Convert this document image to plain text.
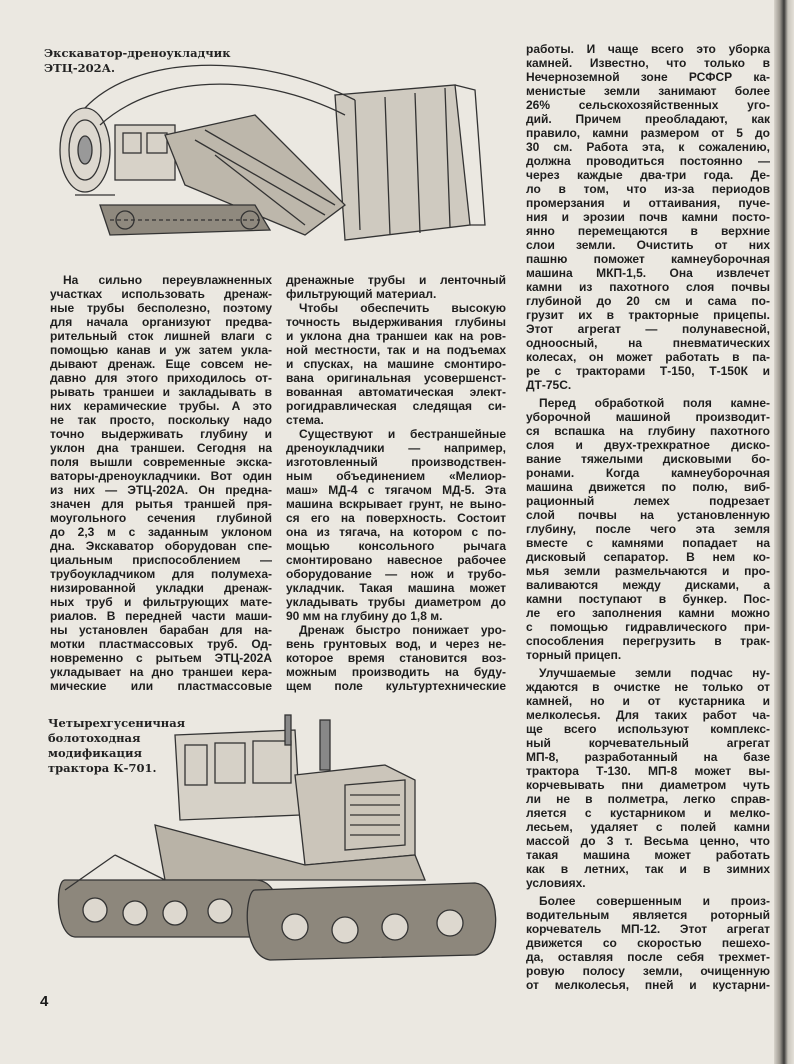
Экскаватор-дреноукладчик
ЭТЦ-202А.
На сильно переувлажненных
участках использовать дренаж-
ные трубы бесполезно, поэтому
для начала организуют предва-
рительный сток лишней влаги с
помощью канав и уж затем укла-
дывают дренаж. Еще совсем не-
давно для этого приходилось от-
рывать траншеи и закладывать в
них керамические трубы. А это
не так просто, поскольку надо
точно выдерживать глубину и
уклон дна траншеи. Сегодня на
поля вышли современные экска-
ваторы-дреноукладчики. Вот один
из них — ЭТЦ-202А. Он предна-
значен для рытья траншей пря-
моугольного сечения глубиной
до 2,3 м с заданным уклоном
дна. Экскаватор оборудован спе-
циальным приспособлением —
трубоукладчиком для полумеха-
низированной укладки дренаж-
ных труб и фильтрующих мате-
риалов. В передней части маши-
ны установлен барабан для на-
мотки пластмассовых труб. Од-
новременно с рытьем ЭТЦ-202А
укладывает на дно траншеи кера-
мические или пластмассовые
дренажные трубы и ленточный
фильтрующий материал.
Чтобы обеспечить высокую
точность выдерживания глубины
и уклона дна траншеи как на ров-
ной местности, так и на подъемах
и спусках, на машине смонтиро-
вана оригинальная усовершенст-
вованная автоматическая элект-
рогидравлическая следящая си-
стема.
Существуют и бестраншейные
дреноукладчики — например,
изготовленный производствен-
ным объединением «Мелиор-
маш» МД-4 с тягачом МД-5. Эта
машина вскрывает грунт, не выно-
ся его на поверхность. Состоит
она из тягача, на котором с по-
мощью консольного рычага
смонтировано навесное рабочее
оборудование — нож и трубо-
укладчик. Такая машина может
укладывать трубы диаметром до
90 мм на глубину до 1,8 м.
Дренаж быстро понижает уро-
вень грунтовых вод, и через не-
которое время становится воз-
можным производить на буду-
щем поле культуртехнические
работы. И чаще всего это уборка
камней. Известно, что только в
Нечерноземной зоне РСФСР ка-
менистые земли занимают более
26% сельскохозяйственных уго-
дий. Причем преобладают, как
правило, камни размером от 5 до
30 см. Работа эта, к сожалению,
должна проводиться постоянно —
через каждые два-три года. Де-
ло в том, что из-за периодов
промерзания и оттаивания, пуче-
ния и эрозии почв камни посто-
янно перемещаются в верхние
слои земли. Очистить от них
пашню поможет камнеуборочная
машина МКП-1,5. Она извлечет
камни из пахотного слоя почвы
глубиной до 20 см и сама по-
грузит их в тракторные прицепы.
Этот агрегат — полунавесной,
одноосный, на пневматических
колесах, он может работать в па-
ре с тракторами Т-150, Т-150К и
ДТ-75С.
Перед обработкой поля камне-
уборочной машиной производит-
ся вспашка на глубину пахотного
слоя и двух-трехкратное диско-
вание тяжелыми дисковыми бо-
ронами. Когда камнеуборочная
машина движется по полю, виб-
рационный лемех подрезает
слой почвы на установленную
глубину, после чего эта земля
вместе с камнями попадает на
дисковый сепаратор. В нем ко-
мья земли размельчаются и про-
валиваются между дисками, а
камни поступают в бункер. Пос-
ле его заполнения камни можно
с помощью гидравлического при-
способления перегрузить в трак-
торный прицеп.
Улучшаемые земли подчас ну-
ждаются в очистке не только от
камней, но и от кустарника и
мелколесья. Для таких работ ча-
ще всего используют комплекс-
ный корчевательный агрегат
МП-8, разработанный на базе
трактора Т-130. МП-8 может вы-
корчевывать пни диаметром чуть
ли не в полметра, легко справ-
ляется с кустарником и мелко-
лесьем, удаляет с полей камни
массой до 3 т. Весьма ценно, что
такая машина может работать
как в летних, так и в зимних
условиях.
Более совершенным и произ-
водительным является роторный
корчеватель МП-12. Этот агрегат
движется со скоростью пешехо-
да, оставляя после себя трехмет-
ровую полосу земли, очищенную
от мелколесья, пней и кустарни-
Четырехгусеничная
болотоходная
модификация
трактора К-701.
4
